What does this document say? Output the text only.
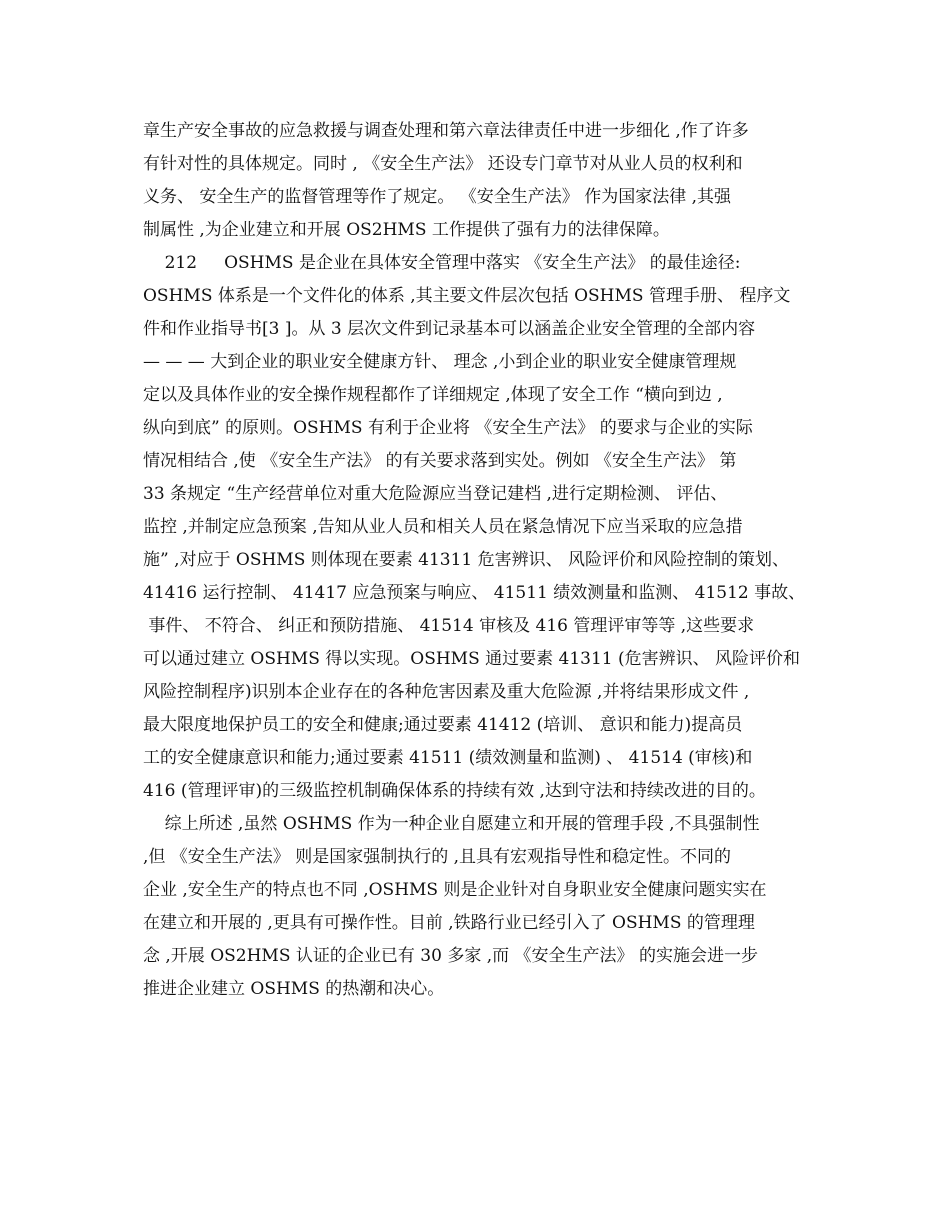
章生产安全事故的应急救援与调查处理和第六章法律责任中进一步细化 ,作了许多
有针对性的具体规定。同时 , 《安全生产法》 还设专门章节对从业人员的权利和
义务、 安全生产的监督管理等作了规定。 《安全生产法》 作为国家法律 ,其强
制属性 ,为企业建立和开展 OS2HMS 工作提供了强有力的法律保障。
212     OSHMS 是企业在具体安全管理中落实 《安全生产法》 的最佳途径:
OSHMS 体系是一个文件化的体系 ,其主要文件层次包括 OSHMS 管理手册、 程序文
件和作业指导书[3 ]。从 3 层次文件到记录基本可以涵盖企业安全管理的全部内容
— — — 大到企业的职业安全健康方针、 理念 ,小到企业的职业安全健康管理规
定以及具体作业的安全操作规程都作了详细规定 ,体现了安全工作 “横向到边 ,
纵向到底” 的原则。OSHMS 有利于企业将 《安全生产法》 的要求与企业的实际
情况相结合 ,使 《安全生产法》 的有关要求落到实处。例如 《安全生产法》 第
33 条规定 “生产经营单位对重大危险源应当登记建档 ,进行定期检测、 评估、
监控 ,并制定应急预案 ,告知从业人员和相关人员在紧急情况下应当采取的应急措
施” ,对应于 OSHMS 则体现在要素 41311 危害辨识、 风险评价和风险控制的策划、
41416 运行控制、 41417 应急预案与响应、 41511 绩效测量和监测、 41512 事故、
事件、 不符合、 纠正和预防措施、 41514 审核及 416 管理评审等等 ,这些要求
可以通过建立 OSHMS 得以实现。OSHMS 通过要素 41311 (危害辨识、 风险评价和
风险控制程序)识别本企业存在的各种危害因素及重大危险源 ,并将结果形成文件 ,
最大限度地保护员工的安全和健康;通过要素 41412 (培训、 意识和能力)提高员
工的安全健康意识和能力;通过要素 41511 (绩效测量和监测) 、 41514 (审核)和
416 (管理评审)的三级监控机制确保体系的持续有效 ,达到守法和持续改进的目的。
综上所述 ,虽然 OSHMS 作为一种企业自愿建立和开展的管理手段 ,不具强制性
,但 《安全生产法》 则是国家强制执行的 ,且具有宏观指导性和稳定性。不同的
企业 ,安全生产的特点也不同 ,OSHMS 则是企业针对自身职业安全健康问题实实在
在建立和开展的 ,更具有可操作性。目前 ,铁路行业已经引入了 OSHMS 的管理理
念 ,开展 OS2HMS 认证的企业已有 30 多家 ,而 《安全生产法》 的实施会进一步
推进企业建立 OSHMS 的热潮和决心。
